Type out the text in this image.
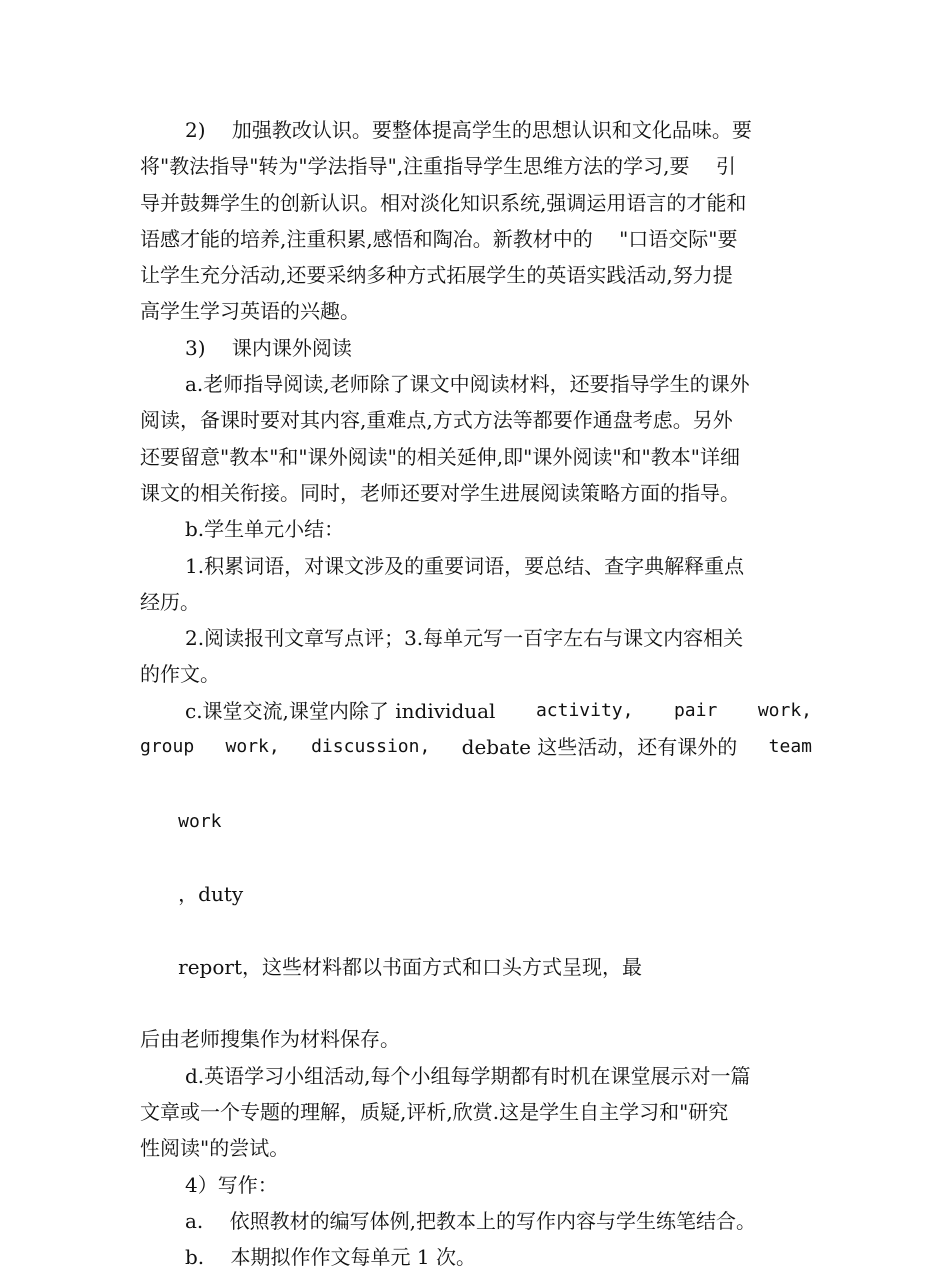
2)　 加强教改认识。要整体提高学生的思想认识和文化品味。要
将"教法指导"转为"学法指导",注重指导学生思维方法的学习,要　 引
导并鼓舞学生的创新认识。相对淡化知识系统,强调运用语言的才能和
语感才能的培养,注重积累,感悟和陶冶。新教材中的　 "口语交际"要
让学生充分活动,还要采纳多种方式拓展学生的英语实践活动,努力提
高学生学习英语的兴趣。
3)　 课内课外阅读
a.老师指导阅读,老师除了课文中阅读材料，还要指导学生的课外
阅读，备课时要对其内容,重难点,方式方法等都要作通盘考虑。另外
还要留意"教本"和"课外阅读"的相关延伸,即"课外阅读"和"教本"详细
课文的相关衔接。同时，老师还要对学生进展阅读策略方面的指导。
b.学生单元小结：
1.积累词语，对课文涉及的重要词语，要总结、查字典解释重点
经历。
2.阅读报刊文章写点评；3.每单元写一百字左右与课文内容相关
的作文。
c.课堂交流,课堂内除了 individual activity, pair work,
group work, discussion, debate 这些活动，还有课外的 team

work

，duty

report，这些材料都以书面方式和口头方式呈现，最

后由老师搜集作为材料保存。
d.英语学习小组活动,每个小组每学期都有时机在课堂展示对一篇
文章或一个专题的理解，质疑,评析,欣赏.这是学生自主学习和"研究
性阅读"的尝试。
4）写作：
a.　 依照教材的编写体例,把教本上的写作内容与学生练笔结合。
b.　 本期拟作作文每单元 1 次。
